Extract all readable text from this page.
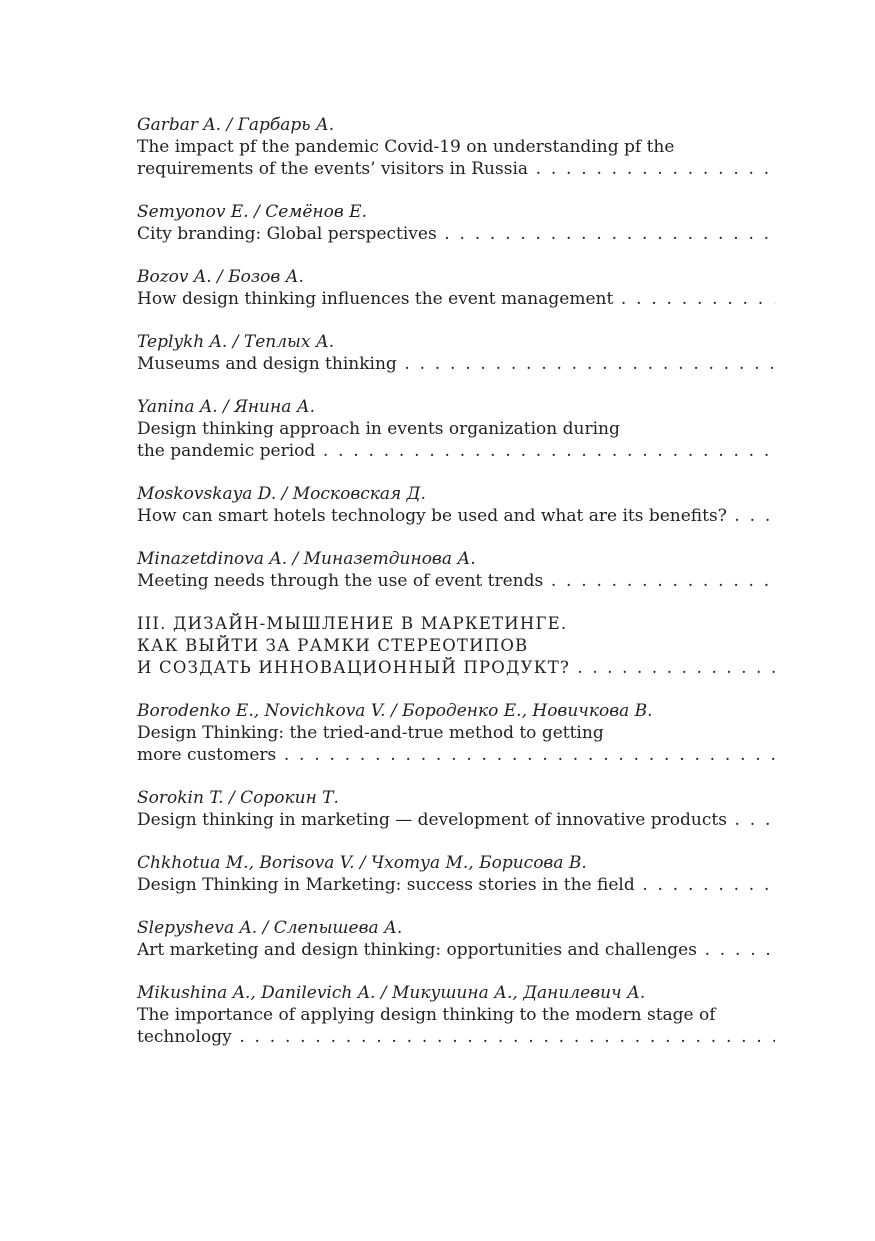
Garbar A. / Гарбарь А.
The impact pf the pandemic Covid-19 on understanding pf the
requirements of the events’ visitors in Russia . . .
Semyonov E. / Семёнов Е.
City branding: Global perspectives . . .
Bozov A. / Бозов А.
How design thinking influences the event management . . .
Teplykh A. / Теплых А.
Museums and design thinking . . .
Yanina A. / Янина А.
Design thinking approach in events organization during
the pandemic period . . .
Moskovskaya D. / Московская Д.
How can smart hotels technology be used and what are its benefits? . . .
Minazetdinova A. / Миназетдинова А.
Meeting needs through the use of event trends . . .
III. ДИЗАЙН-МЫШЛЕНИЕ В МАРКЕТИНГЕ.
КАК ВЫЙТИ ЗА РАМКИ СТЕРЕОТИПОВ
И СОЗДАТЬ ИННОВАЦИОННЫЙ ПРОДУКТ? . . .
Borodenko E., Novichkova V. / Бороденко Е., Новичкова В.
Design Thinking: the tried-and-true method to getting
more customers . . .
Sorokin T. / Сорокин Т.
Design thinking in marketing — development of innovative products . . .
Chkhotua M., Borisova V. / Чхотуа М., Борисова В.
Design Thinking in Marketing: success stories in the field . . .
Slepysheva A. / Слепышева А.
Art marketing and design thinking: opportunities and challenges . . .
Mikushina A., Danilevich A. / Микушина А., Данилевич А.
The importance of applying design thinking to the modern stage of
technology . . .
